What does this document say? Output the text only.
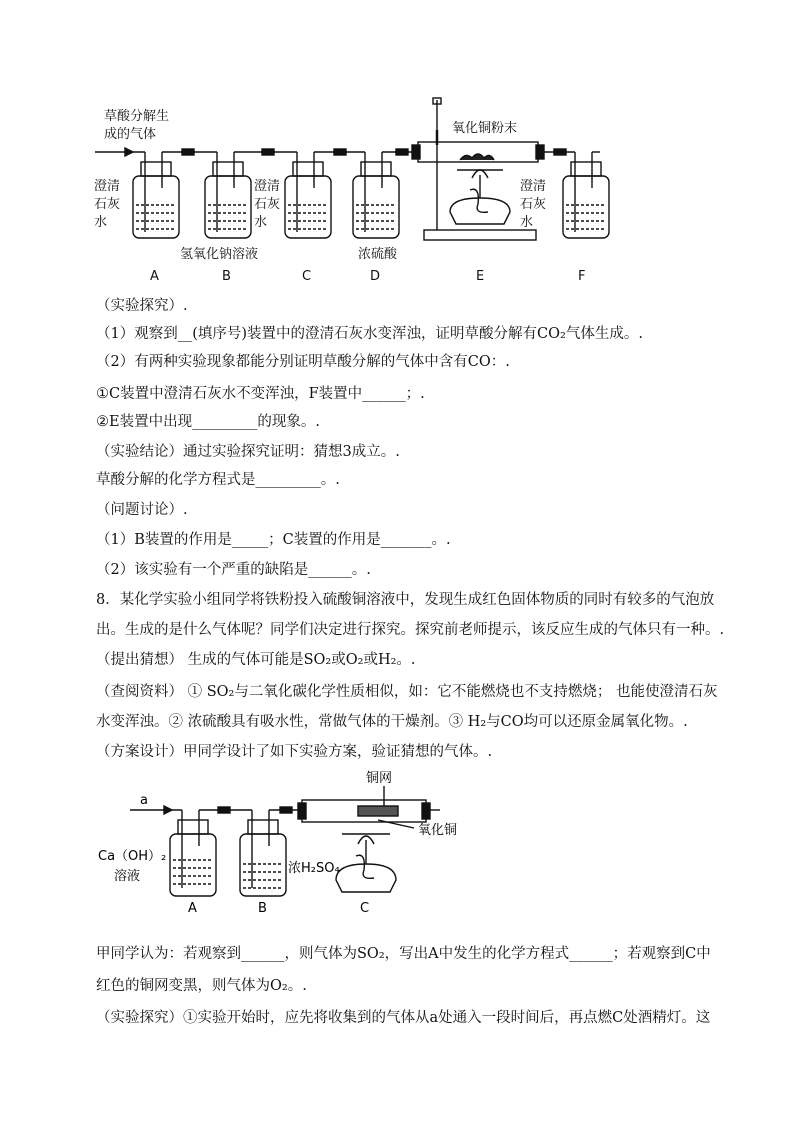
草酸分解生
成的气体	氧化铜粉末
澄清
石灰
水
澄清
石灰
水
澄清
石灰
水
氢氧化钠溶液	浓硫酸
A	B	C	D	E	F
（实验探究）.
（1）观察到__(填序号)装置中的澄清石灰水变浑浊，证明草酸分解有CO₂气体生成。.
（2）有两种实验现象都能分别证明草酸分解的气体中含有CO：.
①C装置中澄清石灰水不变浑浊，F装置中______；.
②E装置中出现_________的现象。.
（实验结论）通过实验探究证明：猜想3成立。.
草酸分解的化学方程式是_________。.
（问题讨论）.
（1）B装置的作用是_____；C装置的作用是_______。.
（2）该实验有一个严重的缺陷是______。.
8．某化学实验小组同学将铁粉投入硫酸铜溶液中，发现生成红色固体物质的同时有较多的气泡放
出。生成的是什么气体呢？同学们决定进行探究。探究前老师提示，该反应生成的气体只有一种。.
（提出猜想） 生成的气体可能是SO₂或O₂或H₂。.
（查阅资料） ① SO₂与二氧化碳化学性质相似，如：它不能燃烧也不支持燃烧； 也能使澄清石灰
水变浑浊。② 浓硫酸具有吸水性，常做气体的干燥剂。③ H₂与CO均可以还原金属氧化物。.
（方案设计）甲同学设计了如下实验方案，验证猜想的气体。.
a
铜网
氧化铜
Ca（OH）₂
溶液
浓H₂SO₄
A	B	C
甲同学认为：若观察到______，则气体为SO₂，写出A中发生的化学方程式______；若观察到C中
红色的铜网变黑，则气体为O₂。.
（实验探究）①实验开始时，应先将收集到的气体从a处通入一段时间后，再点燃C处酒精灯。这
